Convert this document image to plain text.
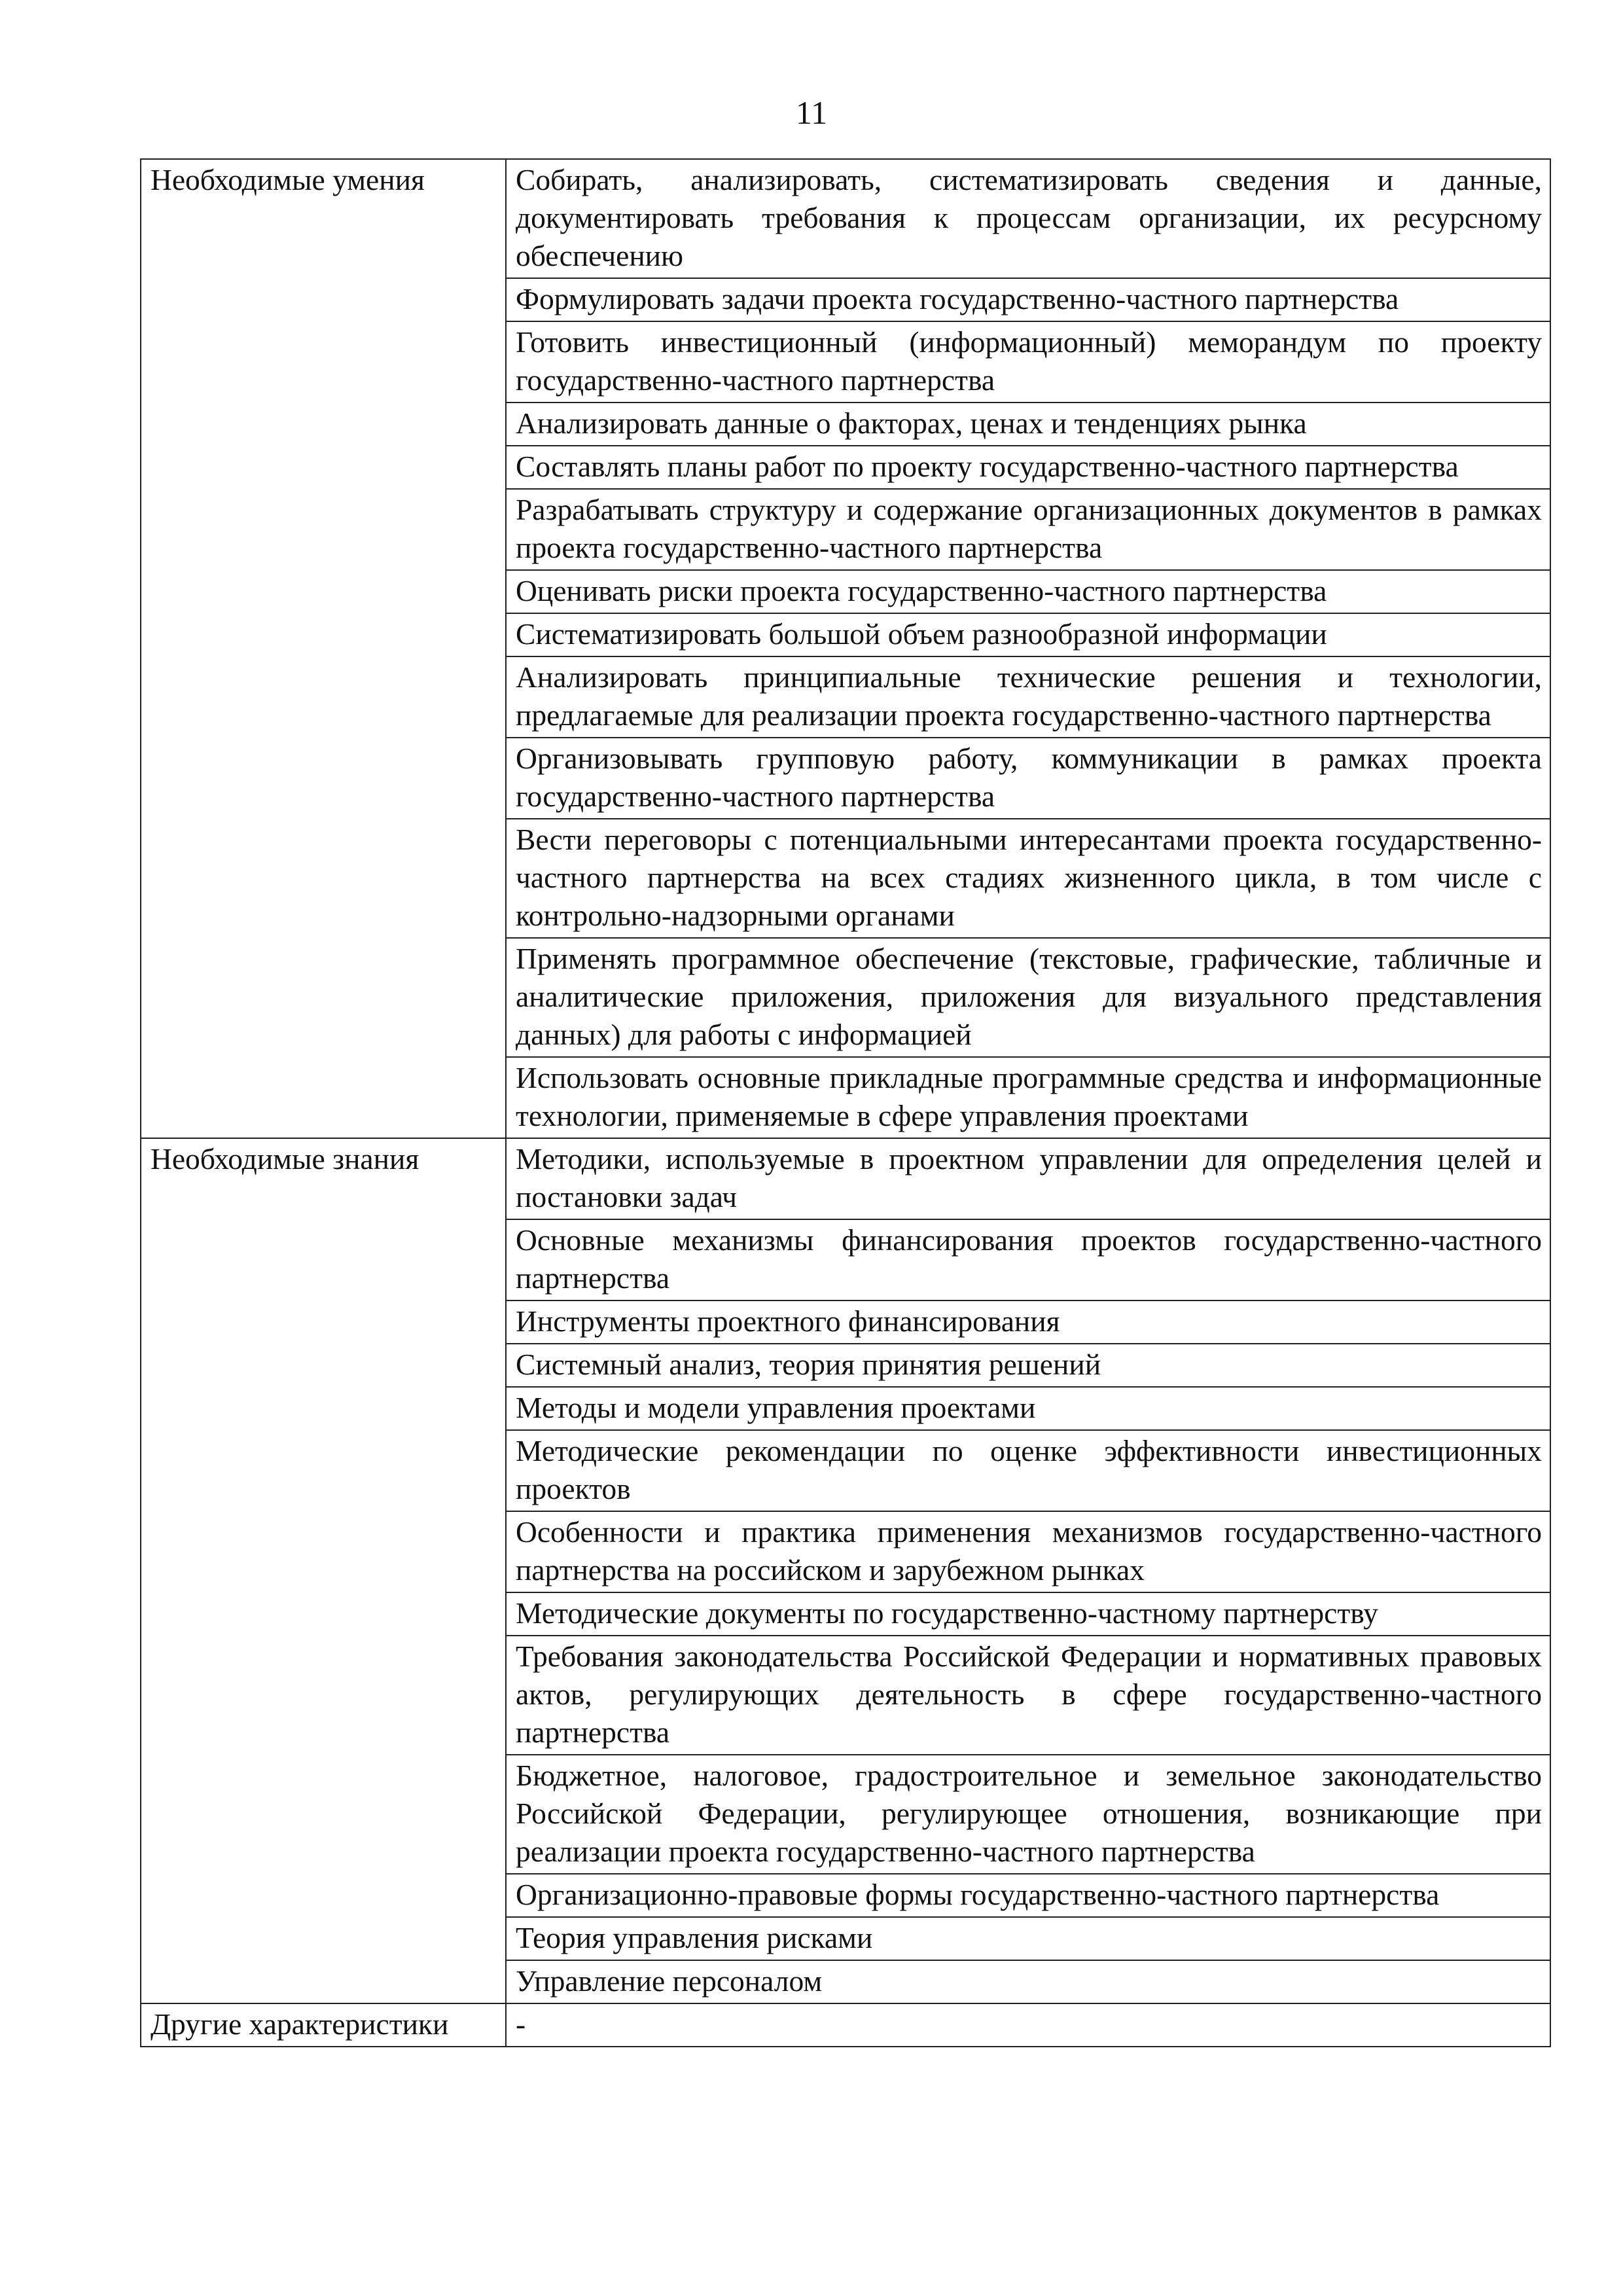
11
Необходимые умения	Собирать, анализировать, систематизировать сведения и данные, документировать требования к процессам организации, их ресурсному обеспечению
	Формулировать задачи проекта государственно-частного партнерства
	Готовить инвестиционный (информационный) меморандум по проекту государственно-частного партнерства
	Анализировать данные о факторах, ценах и тенденциях рынка
	Составлять планы работ по проекту государственно-частного партнерства
	Разрабатывать структуру и содержание организационных документов в рамках проекта государственно-частного партнерства
	Оценивать риски проекта государственно-частного партнерства
	Систематизировать большой объем разнообразной информации
	Анализировать принципиальные технические решения и технологии, предлагаемые для реализации проекта государственно-частного партнерства
	Организовывать групповую работу, коммуникации в рамках проекта государственно-частного партнерства
	Вести переговоры с потенциальными интересантами проекта государственно-частного партнерства на всех стадиях жизненного цикла, в том числе с контрольно-надзорными органами
	Применять программное обеспечение (текстовые, графические, табличные и аналитические приложения, приложения для визуального представления данных) для работы с информацией
	Использовать основные прикладные программные средства и информационные технологии, применяемые в сфере управления проектами
Необходимые знания	Методики, используемые в проектном управлении для определения целей и постановки задач
	Основные механизмы финансирования проектов государственно-частного партнерства
	Инструменты проектного финансирования
	Системный анализ, теория принятия решений
	Методы и модели управления проектами
	Методические рекомендации по оценке эффективности инвестиционных проектов
	Особенности и практика применения механизмов государственно-частного партнерства на российском и зарубежном рынках
	Методические документы по государственно-частному партнерству
	Требования законодательства Российской Федерации и нормативных правовых актов, регулирующих деятельность в сфере государственно-частного партнерства
	Бюджетное, налоговое, градостроительное и земельное законодательство Российской Федерации, регулирующее отношения, возникающие при реализации проекта государственно-частного партнерства
	Организационно-правовые формы государственно-частного партнерства
	Теория управления рисками
	Управление персоналом
Другие характеристики	-
